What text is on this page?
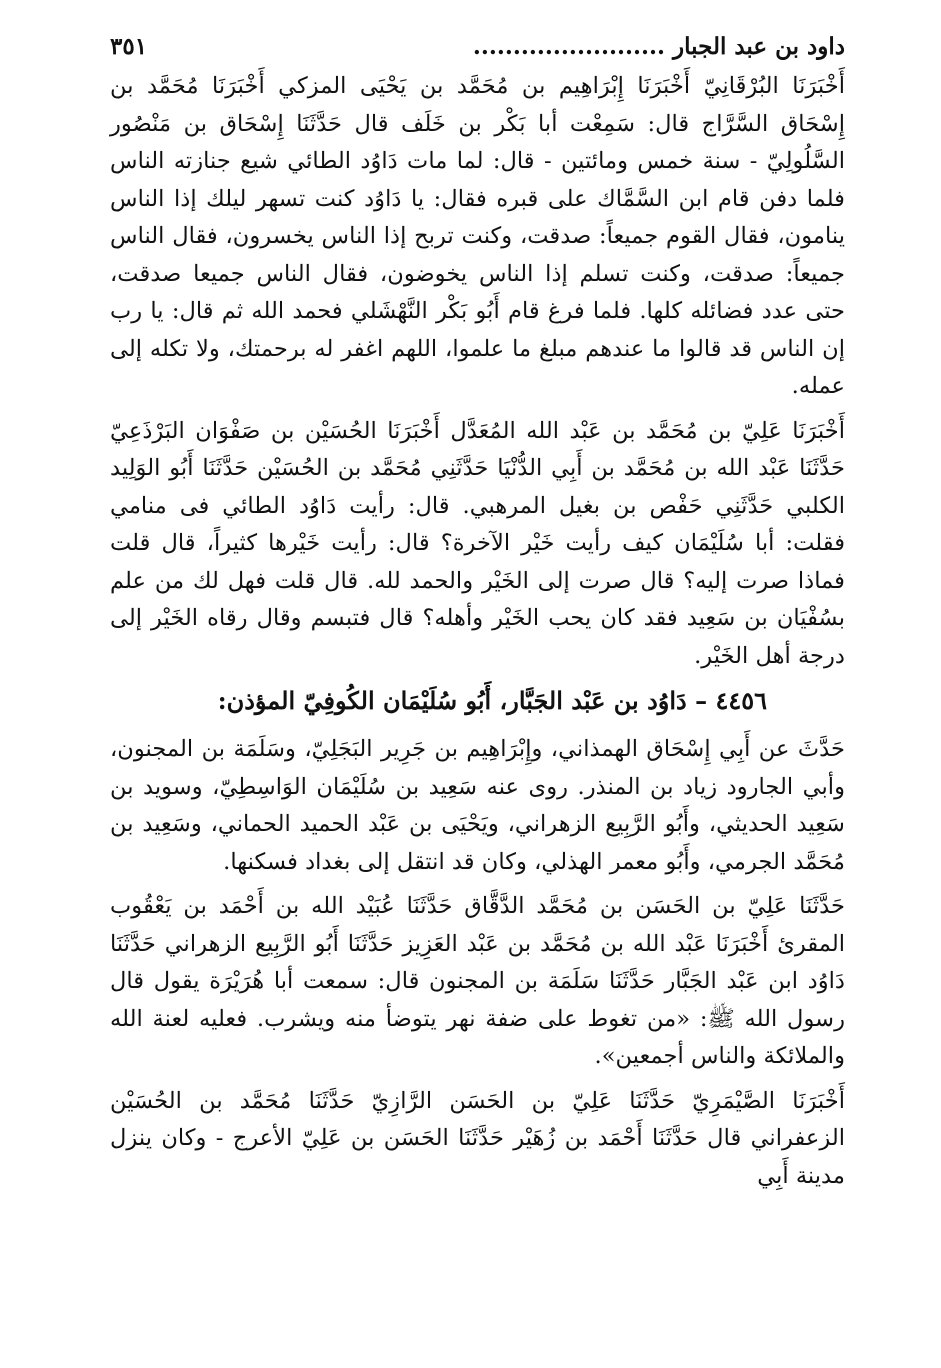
داود بن عبد الجبار ........................
٣٥١

أَخْبَرَنَا البُرْقَانِيّ أَخْبَرَنَا إِبْرَاهِيم بن مُحَمَّد بن يَحْيَى المزكي أَخْبَرَنَا مُحَمَّد بن إِسْحَاق السَّرَّاج قال: سَمِعْت أبا بَكْر بن خَلَف قال حَدَّثَنَا إِسْحَاق بن مَنْصُور السَّلُولِيّ - سنة خمس ومائتين - قال: لما مات دَاوُد الطائي شيع جنازته الناس فلما دفن قام ابن السَّمَّاك على قبره فقال: يا دَاوُد كنت تسهر ليلك إذا الناس ينامون، فقال القوم جميعاً: صدقت، وكنت تربح إذا الناس يخسرون، فقال الناس جميعاً: صدقت، وكنت تسلم إذا الناس يخوضون، فقال الناس جميعا صدقت، حتى عدد فضائله كلها. فلما فرغ قام أَبُو بَكْر النَّهْشَلي فحمد الله ثم قال: يا رب إن الناس قد قالوا ما عندهم مبلغ ما علموا، اللهم اغفر له برحمتك، ولا تكله إلى عمله.

أَخْبَرَنَا عَلِيّ بن مُحَمَّد بن عَبْد الله المُعَدَّل أَخْبَرَنَا الحُسَيْن بن صَفْوَان البَرْذَعِيّ حَدَّثَنَا عَبْد الله بن مُحَمَّد بن أَبِي الدُّنْيَا حَدَّثَنِي مُحَمَّد بن الحُسَيْن حَدَّثَنَا أَبُو الوَلِيد الكلبي حَدَّثَنِي حَفْص بن بغيل المرهبي. قال: رأيت دَاوُد الطائي فى منامي فقلت: أبا سُلَيْمَان كيف رأيت خَيْر الآخرة؟ قال: رأيت خَيْرها كثيراً، قال قلت فماذا صرت إليه؟ قال صرت إلى الخَيْر والحمد لله. قال قلت فهل لك من علم بسُفْيَان بن سَعِيد فقد كان يحب الخَيْر وأهله؟ قال فتبسم وقال رقاه الخَيْر إلى درجة أهل الخَيْر.

٤٤٥٦ – دَاوُد بن عَبْد الجَبَّار، أَبُو سُلَيْمَان الكُوفِيّ المؤذن:

حَدَّثَ عن أَبِي إِسْحَاق الهمذاني، وإِبْرَاهِيم بن جَرِير البَجَلِيّ، وسَلَمَة بن المجنون، وأبي الجارود زياد بن المنذر. روى عنه سَعِيد بن سُلَيْمَان الوَاسِطِيّ، وسويد بن سَعِيد الحديثي، وأَبُو الرَّبِيع الزهراني، ويَحْيَى بن عَبْد الحميد الحماني، وسَعِيد بن مُحَمَّد الجرمي، وأَبُو معمر الهذلي، وكان قد انتقل إلى بغداد فسكنها.

حَدَّثَنَا عَلِيّ بن الحَسَن بن مُحَمَّد الدَّقَّاق حَدَّثَنَا عُبَيْد الله بن أَحْمَد بن يَعْقُوب المقرئ أَخْبَرَنَا عَبْد الله بن مُحَمَّد بن عَبْد العَزِيز حَدَّثَنَا أَبُو الرَّبِيع الزهراني حَدَّثَنَا دَاوُد ابن عَبْد الجَبَّار حَدَّثَنَا سَلَمَة بن المجنون قال: سمعت أبا هُرَيْرَة يقول قال رسول الله ﷺ: «من تغوط على ضفة نهر يتوضأ منه ويشرب. فعليه لعنة الله والملائكة والناس أجمعين».

أَخْبَرَنَا الصَّيْمَرِيّ حَدَّثَنَا عَلِيّ بن الحَسَن الرَّازِيّ حَدَّثَنَا مُحَمَّد بن الحُسَيْن الزعفراني قال حَدَّثَنَا أَحْمَد بن زُهَيْر حَدَّثَنَا الحَسَن بن عَلِيّ الأعرج - وكان ينزل مدينة أَبِي
